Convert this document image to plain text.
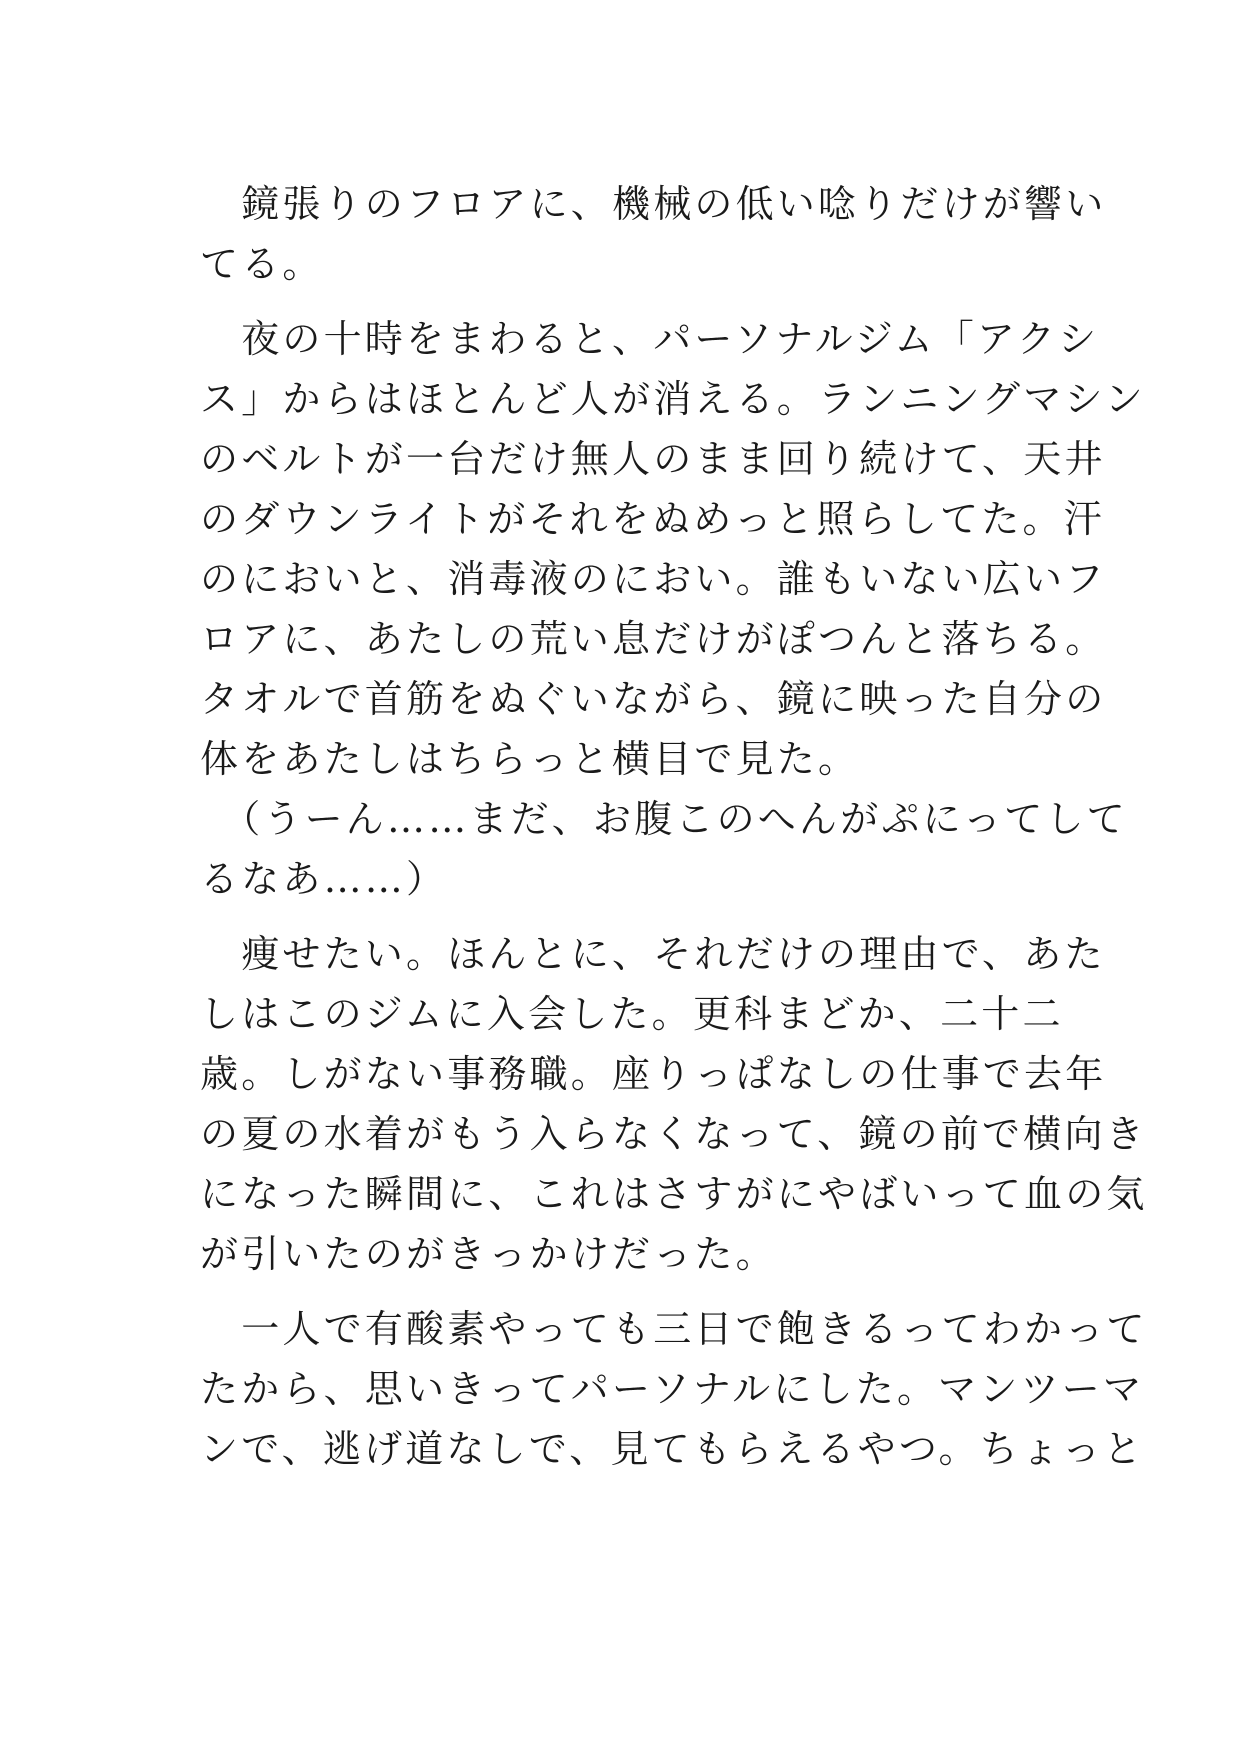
　鏡張りのフロアに、機械の低い唸りだけが響い
てる。
　夜の十時をまわると、パーソナルジム「アクシ
ス」からはほとんど人が消える。ランニングマシン
のベルトが一台だけ無人のまま回り続けて、天井
のダウンライトがそれをぬめっと照らしてた。汗
のにおいと、消毒液のにおい。誰もいない広いフ
ロアに、あたしの荒い息だけがぽつんと落ちる。
タオルで首筋をぬぐいながら、鏡に映った自分の
体をあたしはちらっと横目で見た。
　（うーん……まだ、お腹このへんがぷにってして
るなあ……）
　痩せたい。ほんとに、それだけの理由で、あた
しはこのジムに入会した。更科まどか、二十二
歳。しがない事務職。座りっぱなしの仕事で去年
の夏の水着がもう入らなくなって、鏡の前で横向き
になった瞬間に、これはさすがにやばいって血の気
が引いたのがきっかけだった。
　一人で有酸素やっても三日で飽きるってわかって
たから、思いきってパーソナルにした。マンツーマ
ンで、逃げ道なしで、見てもらえるやつ。ちょっと
